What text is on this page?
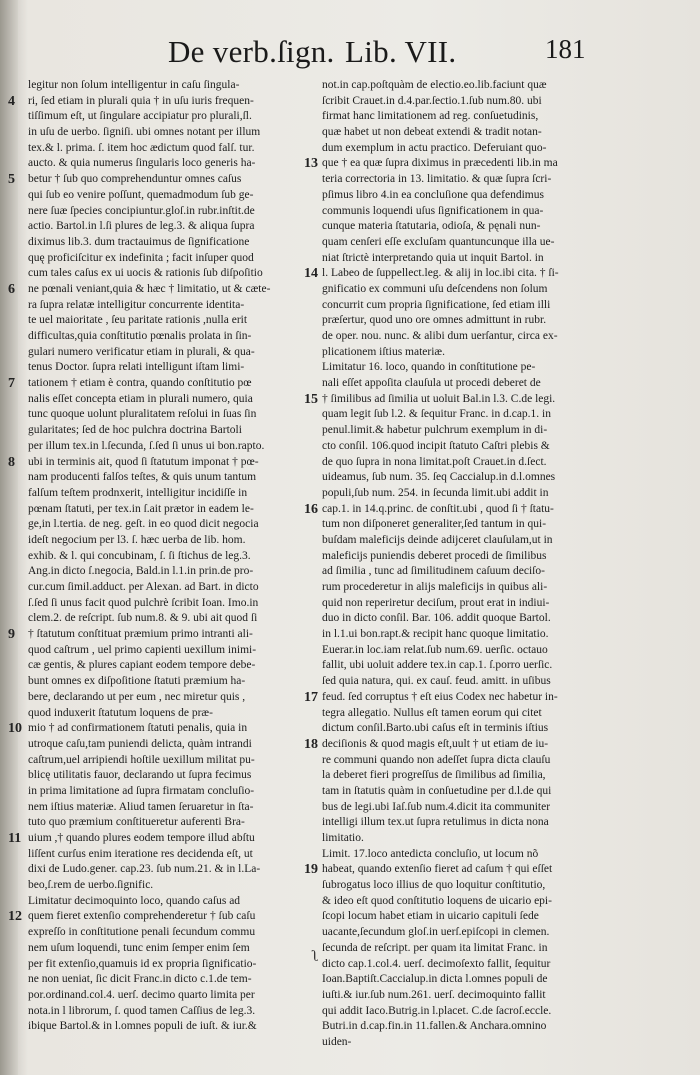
De verb.ſign. Lib. VII.	181
legitur non ſolum intelligentur in caſu ſingula-
4 ri, ſed etiam in plurali quia † in uſu iuris frequen-
tiſſimum eſt, ut ſingulare accipiatur pro plurali,ſl.
in uſu de uerbo. ſigniſi. ubi omnes notant per illum
tex.& l. prima. ſ. item hoc ædictum quod falſ. tur.
aucto. & quia numerus ſingularis loco generis ha-
5 betur † ſub quo comprehenduntur omnes caſus
qui ſub eo venire poſſunt, quemadmodum ſub ge-
nere ſuæ ſpecies concipiuntur.gloſ.in rubr.inſtit.de
actio. Bartol.in l.ſi plures de leg.3. & aliqua ſupra
diximus lib.3. dum tractauimus de ſignificatione
quę proficiſcitur ex indefinita ; facit inſuper quod
cum tales caſus ex ui uocis & rationis ſub diſpoſitio
6 ne pœnali veniant,quia & hæc † limitatio, ut & cæte-
ra ſupra relatæ intelligitur concurrente identita-
te uel maioritate , ſeu paritate rationis ,nulla erit
difficultas,quia conſtitutio pœnalis prolata in ſin-
gulari numero verificatur etiam in plurali, & qua-
tenus Doctor. ſupra relati intelligunt iſtam limi-
7 tationem † etiam è contra, quando conſtitutio pœ
nalis eſſet concepta etiam in plurali numero, quia
tunc quoque uolunt pluralitatem reſolui in ſuas ſin
gularitates; ſed de hoc pulchra doctrina Bartoli
per illum tex.in l.ſecunda, ſ.ſed ſi unus ui bon.rapto.
8 ubi in terminis ait, quod ſi ſtatutum imponat † pœ-
nam producenti falſos teſtes, & quis unum tantum
falſum teſtem prodnxerit, intelligitur incidiſſe in
pœnam ſtatuti, per tex.in ſ.ait prætor in eadem le-
ge,in l.tertia. de neg. geſt. in eo quod dicit negocia
ideſt negocium per l3. ſ. hæc uerba de lib. hom.
exhib. & l. qui concubinam, ſ. ſi ſtichus de leg.3.
Ang.in dicto ſ.negocia, Bald.in l.1.in prin.de pro-
cur.cum ſimil.adduct. per Alexan. ad Bart. in dicto
ſ.ſed ſi unus facit quod pulchrè ſcribit Ioan. Imo.in
clem.2. de reſcript. ſub num.8. & 9. ubi ait quod ſi
9 † ſtatutum conſtituat præmium primo intranti ali-
quod caſtrum , uel primo capienti uexillum inimi-
cæ gentis, & plures capiant eodem tempore debe-
bunt omnes ex diſpoſitione ſtatuti præmium ha-
bere, declarando ut per eum , nec miretur quis ,
quod induxerit ſtatutum loquens de præ-
10 mio † ad confirmationem ſtatuti penalis, quia in
utroque caſu,tam puniendi delicta, quàm intrandi
caſtrum,uel arripiendi hoſtile uexillum militat pu-
blicę utilitatis fauor, declarando ut ſupra fecimus
in prima limitatione ad ſupra firmatam concluſio-
nem iſtius materiæ. Aliud tamen ſeruaretur in ſta-
tuto quo præmium conſtitueretur auferenti Bra-
11 uium ,† quando plures eodem tempore illud abſtu
liſſent curſus enim iteratione res decidenda eſt, ut
dixi de Ludo.gener. cap.23. ſub num.21. & in l.La-
beo,ſ.rem de uerbo.ſignific.
Limitatur decimoquinto loco, quando caſus ad
12 quem fieret extenſio comprehenderetur † ſub caſu
expreſſo in conſtitutione penali ſecundum commu
nem uſum loquendi, tunc enim ſemper enim ſem
per fit extenſio,quamuis id ex propria ſignificatio-
ne non ueniat, ſic dicit Franc.in dicto c.1.de tem-
por.ordinand.col.4. uerſ. decimo quarto limita per
nota.in l librorum, ſ. quod tamen Caſſius de leg.3.
ibique Bartol.& in l.omnes populi de iuſt. & iur.&
not.in cap.poſtquàm de electio.eo.lib.faciunt quæ
ſcribit Crauet.in d.4.par.ſectio.1.ſub num.80. ubi
firmat hanc limitationem ad reg. conſuetudinis,
quæ habet ut non debeat extendi & tradit notan-
dum exemplum in actu practico. Deferuiant quo-
13 que † ea quæ ſupra diximus in præcedenti lib.in ma
teria correctoria in 13. limitatio. & quæ ſupra ſcri-
pſimus libro 4.in ea concluſione qua defendimus
communis loquendi uſus ſignificationem in qua-
cunque materia ſtatutaria, odioſa, & pęnali nun-
quam cenſeri eſſe excluſam quantuncunque illa ue-
niat ſtrictè interpretando quia ut inquit Bartol. in
14 l. Labeo de ſuppellect.leg. & alij in loc.ibi cita. † ſi-
gnificatio ex communi uſu deſcendens non ſolum
concurrit cum propria ſignificatione, ſed etiam illi
præſertur, quod uno ore omnes admittunt in rubr.
de oper. nou. nunc. & alibi dum uerſantur, circa ex-
plicationem iſtius materiæ.
Limitatur 16. loco, quando in conſtitutione pe-
nali eſſet appoſita clauſula ut procedi deberet de
15 † ſimilibus ad ſimilia ut uoluit Bal.in l.3. C.de legi.
quam legit ſub l.2. & ſequitur Franc. in d.cap.1. in
penul.limit.& habetur pulchrum exemplum in di-
cto conſil. 106.quod incipit ſtatuto Caſtri plebis &
de quo ſupra in nona limitat.poſt Crauet.in d.ſect.
uideamus, ſub num. 35. ſeq Caccialup.in d.l.omnes
populi,ſub num. 254. in ſecunda limit.ubi addit in
16 cap.1. in 14.q.princ. de conſtit.ubi , quod ſi † ſtatu-
tum non diſponeret generaliter,ſed tantum in qui-
buſdam maleficijs deinde adijceret clauſulam,ut in
maleficijs puniendis deberet procedi de ſimilibus
ad ſimilia , tunc ad ſimilitudinem caſuum deciſo-
rum procederetur in alijs maleficijs in quibus ali-
quid non reperiretur deciſum, prout erat in indiui-
duo in dicto conſil. Bar. 106. addit quoque Bartol.
in l.1.ui bon.rapt.& recipit hanc quoque limitatio.
Euerar.in loc.iam relat.ſub num.69. uerſic. octauo
fallit, ubi uoluit addere tex.in cap.1. ſ.porro uerſic.
ſed quia natura, qui. ex cauſ. feud. amitt. in uſibus
17 feud. ſed corruptus † eſt eius Codex nec habetur in-
tegra allegatio. Nullus eſt tamen eorum qui citet
dictum conſil.Barto.ubi caſus eſt in terminis iſtius
18 deciſionis & quod magis eſt,uult † ut etiam de iu-
re communi quando non adeſſet ſupra dicta clauſu
la deberet fieri progreſſus de ſimilibus ad ſimilia,
tam in ſtatutis quàm in conſuetudine per d.l.de qui
bus de legi.ubi Iaſ.ſub num.4.dicit ita communiter
intelligi illum tex.ut ſupra retulimus in dicta nona
limitatio.
Limit. 17.loco antedicta concluſio, ut locum nõ
19 habeat, quando extenſio fieret ad caſum † qui eſſet
ſubrogatus loco illius de quo loquitur conſtitutio,
& ideo eſt quod conſtitutio loquens de uicario epi-
ſcopi locum habet etiam in uicario capituli ſede
uacante,ſecundum gloſ.in uerſ.epiſcopi in clemen.
ſecunda de reſcript. per quam ita limitat Franc. in
dicto cap.1.col.4. uerſ. decimoſexto fallit, ſequitur
Ioan.Baptiſt.Caccialup.in dicta l.omnes populi de
iuſti.& iur.ſub num.261. uerſ. decimoquinto fallit
qui addit Iaco.Butrig.in l.placet. C.de ſacroſ.eccle.
Butri.in d.cap.fin.in 11.fallen.& Anchara.omnino
uiden-
ʅ
